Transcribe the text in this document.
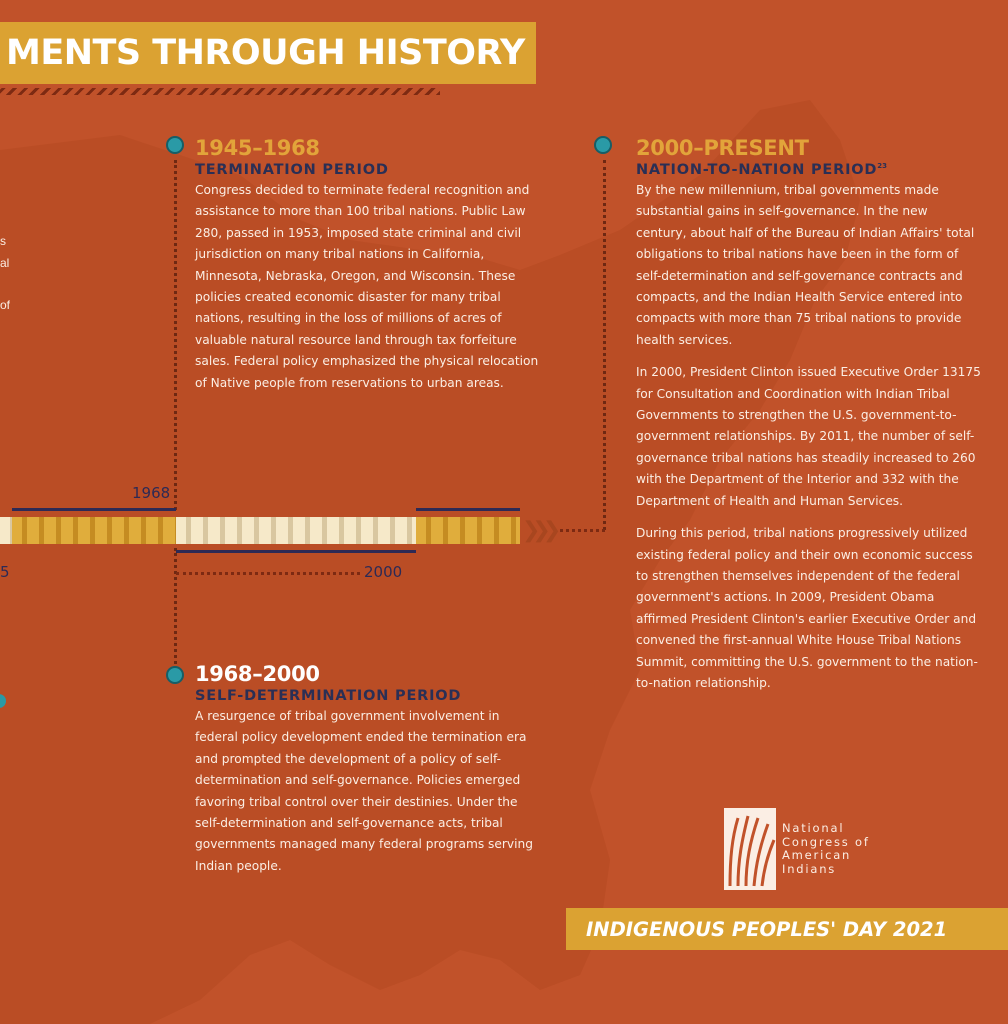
MENTS THROUGH HISTORY
s
al
of
1945–1968
TERMINATION PERIOD

Congress decided to terminate federal recognition and assistance to more than 100 tribal nations. Public Law 280, passed in 1953, imposed state criminal and civil jurisdiction on many tribal nations in California, Minnesota, Nebraska, Oregon, and Wisconsin. These policies created economic disaster for many tribal nations, resulting in the loss of millions of acres of valuable natural resource land through tax forfeiture sales. Federal policy emphasized the physical relocation of Native people from reservations to urban areas.

1968–2000
SELF-DETERMINATION PERIOD

A resurgence of tribal government involvement in federal policy development ended the termination era and prompted the development of a policy of self-determination and self-governance. Policies emerged favoring tribal control over their destinies. Under the self-determination and self-governance acts, tribal governments managed many federal programs serving Indian people.

2000–PRESENT
NATION-TO-NATION PERIOD$^{23}$

By the new millennium, tribal governments made substantial gains in self-governance. In the new century, about half of the Bureau of Indian Affairs' total obligations to tribal nations have been in the form of self-determination and self-governance contracts and compacts, and the Indian Health Service entered into compacts with more than 75 tribal nations to provide health services.

In 2000, President Clinton issued Executive Order 13175 for Consultation and Coordination with Indian Tribal Governments to strengthen the U.S. government-to-government relationships. By 2011, the number of self-governance tribal nations has steadily increased to 260 with the Department of the Interior and 332 with the Department of Health and Human Services.

During this period, tribal nations progressively utilized existing federal policy and their own economic success to strengthen themselves independent of the federal government's actions. In 2009, President Obama affirmed President Clinton's earlier Executive Order and convened the first-annual White House Tribal Nations Summit, committing the U.S. government to the nation-to-nation relationship.

❯❯❯
1968
2000
5
National
Congress of
American
Indians
INDIGENOUS PEOPLES' DAY 2021
